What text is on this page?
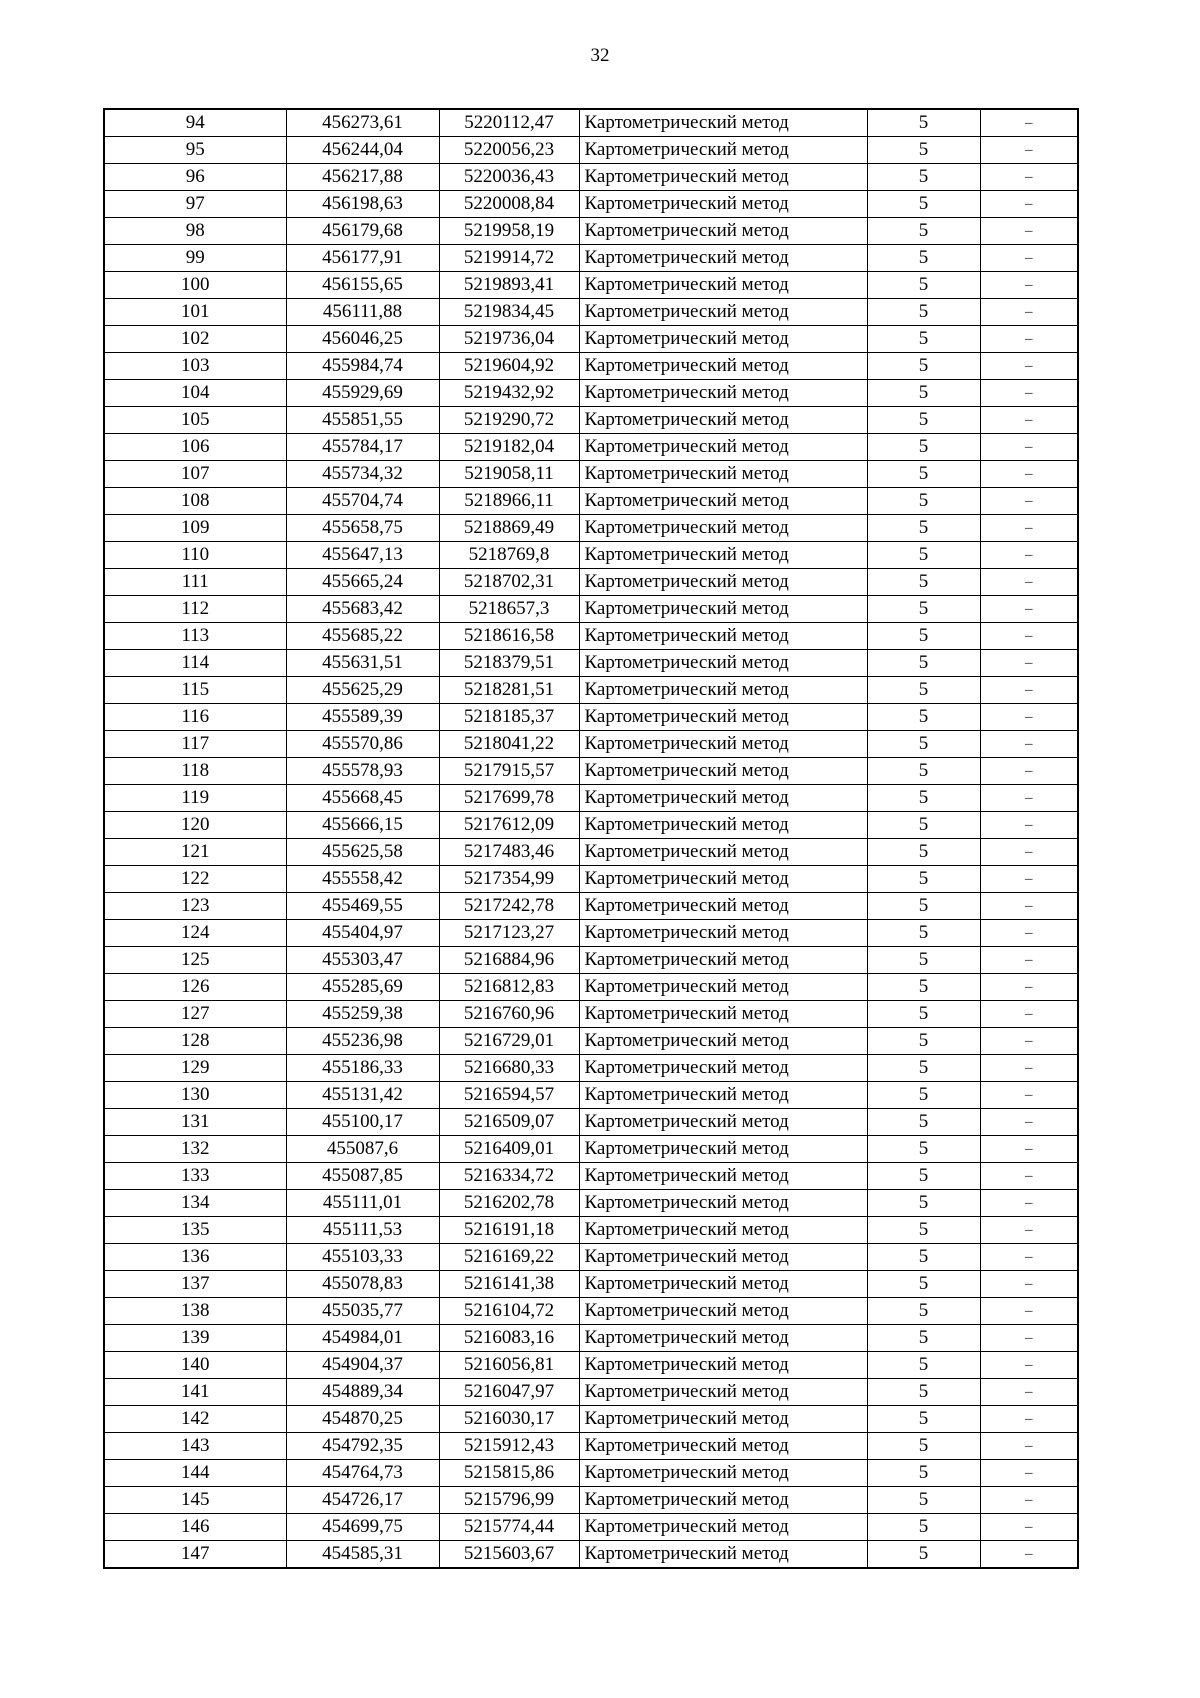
32
94	456273,61	5220112,47	Картометрический метод	5	–
95	456244,04	5220056,23	Картометрический метод	5	–
96	456217,88	5220036,43	Картометрический метод	5	–
97	456198,63	5220008,84	Картометрический метод	5	–
98	456179,68	5219958,19	Картометрический метод	5	–
99	456177,91	5219914,72	Картометрический метод	5	–
100	456155,65	5219893,41	Картометрический метод	5	–
101	456111,88	5219834,45	Картометрический метод	5	–
102	456046,25	5219736,04	Картометрический метод	5	–
103	455984,74	5219604,92	Картометрический метод	5	–
104	455929,69	5219432,92	Картометрический метод	5	–
105	455851,55	5219290,72	Картометрический метод	5	–
106	455784,17	5219182,04	Картометрический метод	5	–
107	455734,32	5219058,11	Картометрический метод	5	–
108	455704,74	5218966,11	Картометрический метод	5	–
109	455658,75	5218869,49	Картометрический метод	5	–
110	455647,13	5218769,8	Картометрический метод	5	–
111	455665,24	5218702,31	Картометрический метод	5	–
112	455683,42	5218657,3	Картометрический метод	5	–
113	455685,22	5218616,58	Картометрический метод	5	–
114	455631,51	5218379,51	Картометрический метод	5	–
115	455625,29	5218281,51	Картометрический метод	5	–
116	455589,39	5218185,37	Картометрический метод	5	–
117	455570,86	5218041,22	Картометрический метод	5	–
118	455578,93	5217915,57	Картометрический метод	5	–
119	455668,45	5217699,78	Картометрический метод	5	–
120	455666,15	5217612,09	Картометрический метод	5	–
121	455625,58	5217483,46	Картометрический метод	5	–
122	455558,42	5217354,99	Картометрический метод	5	–
123	455469,55	5217242,78	Картометрический метод	5	–
124	455404,97	5217123,27	Картометрический метод	5	–
125	455303,47	5216884,96	Картометрический метод	5	–
126	455285,69	5216812,83	Картометрический метод	5	–
127	455259,38	5216760,96	Картометрический метод	5	–
128	455236,98	5216729,01	Картометрический метод	5	–
129	455186,33	5216680,33	Картометрический метод	5	–
130	455131,42	5216594,57	Картометрический метод	5	–
131	455100,17	5216509,07	Картометрический метод	5	–
132	455087,6	5216409,01	Картометрический метод	5	–
133	455087,85	5216334,72	Картометрический метод	5	–
134	455111,01	5216202,78	Картометрический метод	5	–
135	455111,53	5216191,18	Картометрический метод	5	–
136	455103,33	5216169,22	Картометрический метод	5	–
137	455078,83	5216141,38	Картометрический метод	5	–
138	455035,77	5216104,72	Картометрический метод	5	–
139	454984,01	5216083,16	Картометрический метод	5	–
140	454904,37	5216056,81	Картометрический метод	5	–
141	454889,34	5216047,97	Картометрический метод	5	–
142	454870,25	5216030,17	Картометрический метод	5	–
143	454792,35	5215912,43	Картометрический метод	5	–
144	454764,73	5215815,86	Картометрический метод	5	–
145	454726,17	5215796,99	Картометрический метод	5	–
146	454699,75	5215774,44	Картометрический метод	5	–
147	454585,31	5215603,67	Картометрический метод	5	–
